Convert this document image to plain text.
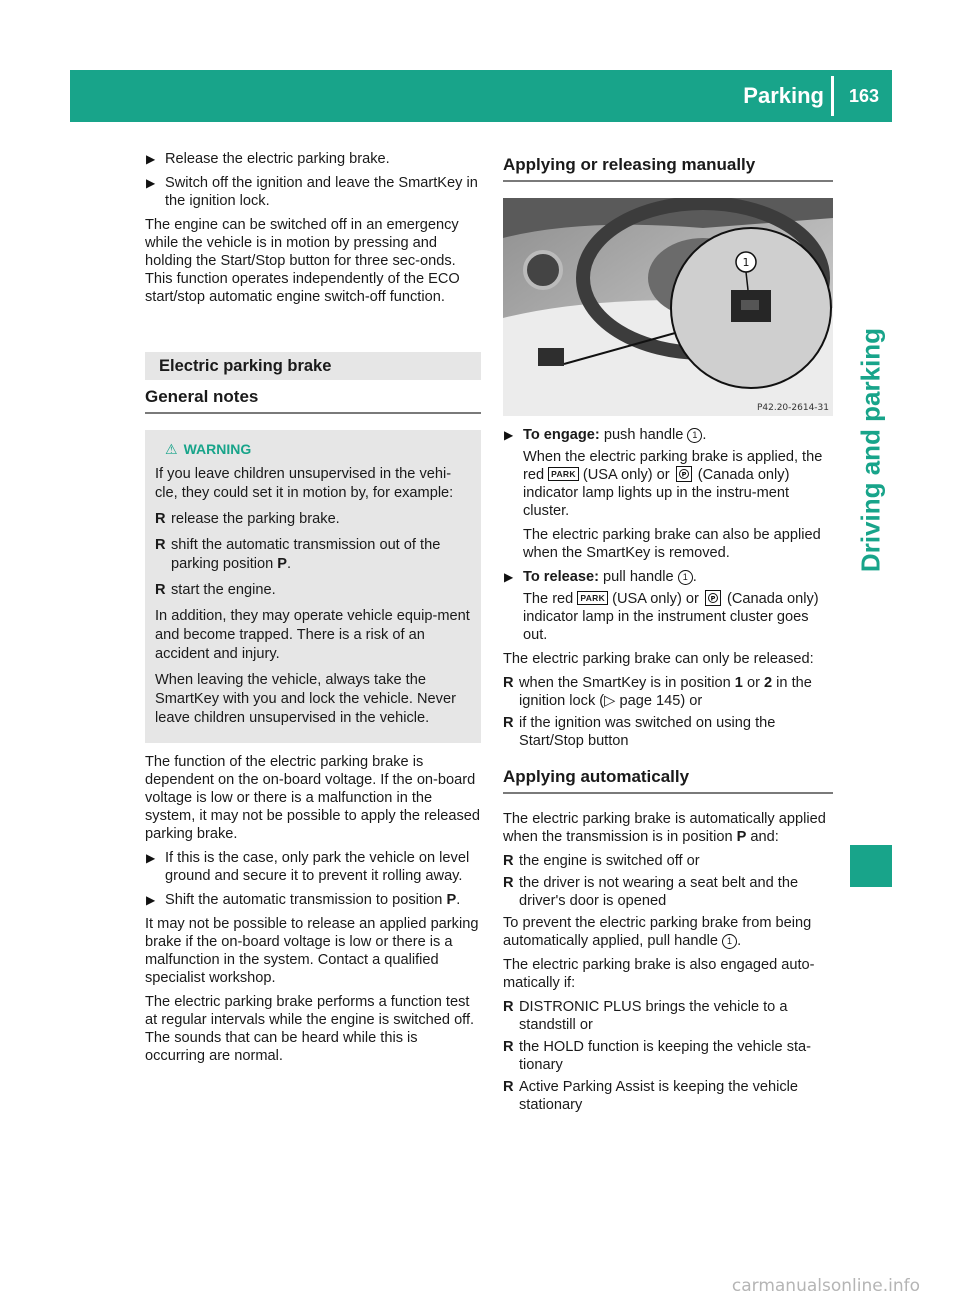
Parking	163
Driving and parking
▶ Release the electric parking brake.
▶ Switch off the ignition and leave the SmartKey in the ignition lock.

The engine can be switched off in an emergency while the vehicle is in motion by pressing and holding the Start/Stop button for three sec-onds. This function operates independently of the ECO start/stop automatic engine switch-off function.

Electric parking brake
General notes
⚠ WARNING

If you leave children unsupervised in the vehi-cle, they could set it in motion by, for example:

R release the parking brake.
R shift the automatic transmission out of the parking position P.
R start the engine.

In addition, they may operate vehicle equip-ment and become trapped. There is a risk of an accident and injury.

When leaving the vehicle, always take the SmartKey with you and lock the vehicle. Never leave children unsupervised in the vehicle.

The function of the electric parking brake is dependent on the on-board voltage. If the on-board voltage is low or there is a malfunction in the system, it may not be possible to apply the released parking brake.

▶ If this is the case, only park the vehicle on level ground and secure it to prevent it rolling away.
▶ Shift the automatic transmission to position P.

It may not be possible to release an applied parking brake if the on-board voltage is low or there is a malfunction in the system. Contact a qualified specialist workshop.

The electric parking brake performs a function test at regular intervals while the engine is switched off. The sounds that can be heard while this is occurring are normal.

Applying or releasing manually
1
P42.20-2614-31
▶ To engage: push handle 1 .
When the electric parking brake is applied, the red PARK (USA only) or P (Canada only) indicator lamp lights up in the instru-ment cluster.
The electric parking brake can also be applied when the SmartKey is removed.
▶ To release: pull handle 1 .
The red PARK (USA only) or P (Canada only) indicator lamp in the instrument cluster goes out.

The electric parking brake can only be released:

R when the SmartKey is in position 1 or 2 in the ignition lock (▷ page 145) or
R if the ignition was switched on using the Start/Stop button
Applying automatically

The electric parking brake is automatically applied when the transmission is in position P and:

R the engine is switched off or
R the driver is not wearing a seat belt and the driver's door is opened

To prevent the electric parking brake from being automatically applied, pull handle 1 .

The electric parking brake is also engaged auto-matically if:

R DISTRONIC PLUS brings the vehicle to a standstill or
R the HOLD function is keeping the vehicle sta-tionary
R Active Parking Assist is keeping the vehicle stationary
carmanualsonline.info
